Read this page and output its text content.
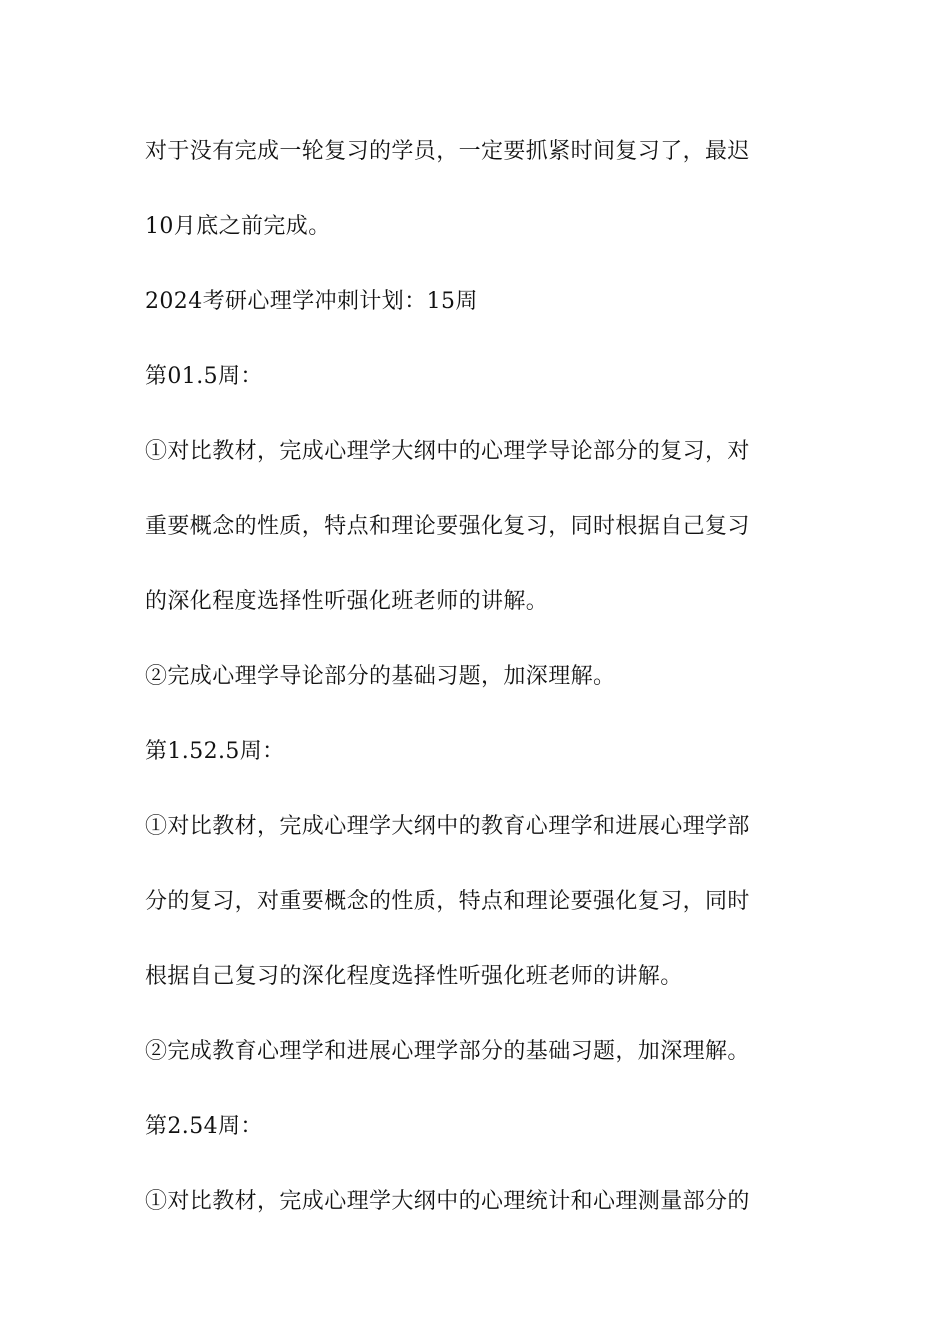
对于没有完成一轮复习的学员，一定要抓紧时间复习了，最迟
10月底之前完成。
2024考研心理学冲刺计划：15周
第01.5周：
①对比教材，完成心理学大纲中的心理学导论部分的复习，对
重要概念的性质，特点和理论要强化复习，同时根据自己复习
的深化程度选择性听强化班老师的讲解。
②完成心理学导论部分的基础习题，加深理解。
第1.52.5周：
①对比教材，完成心理学大纲中的教育心理学和进展心理学部
分的复习，对重要概念的性质，特点和理论要强化复习，同时
根据自己复习的深化程度选择性听强化班老师的讲解。
②完成教育心理学和进展心理学部分的基础习题，加深理解。
第2.54周：
①对比教材，完成心理学大纲中的心理统计和心理测量部分的
